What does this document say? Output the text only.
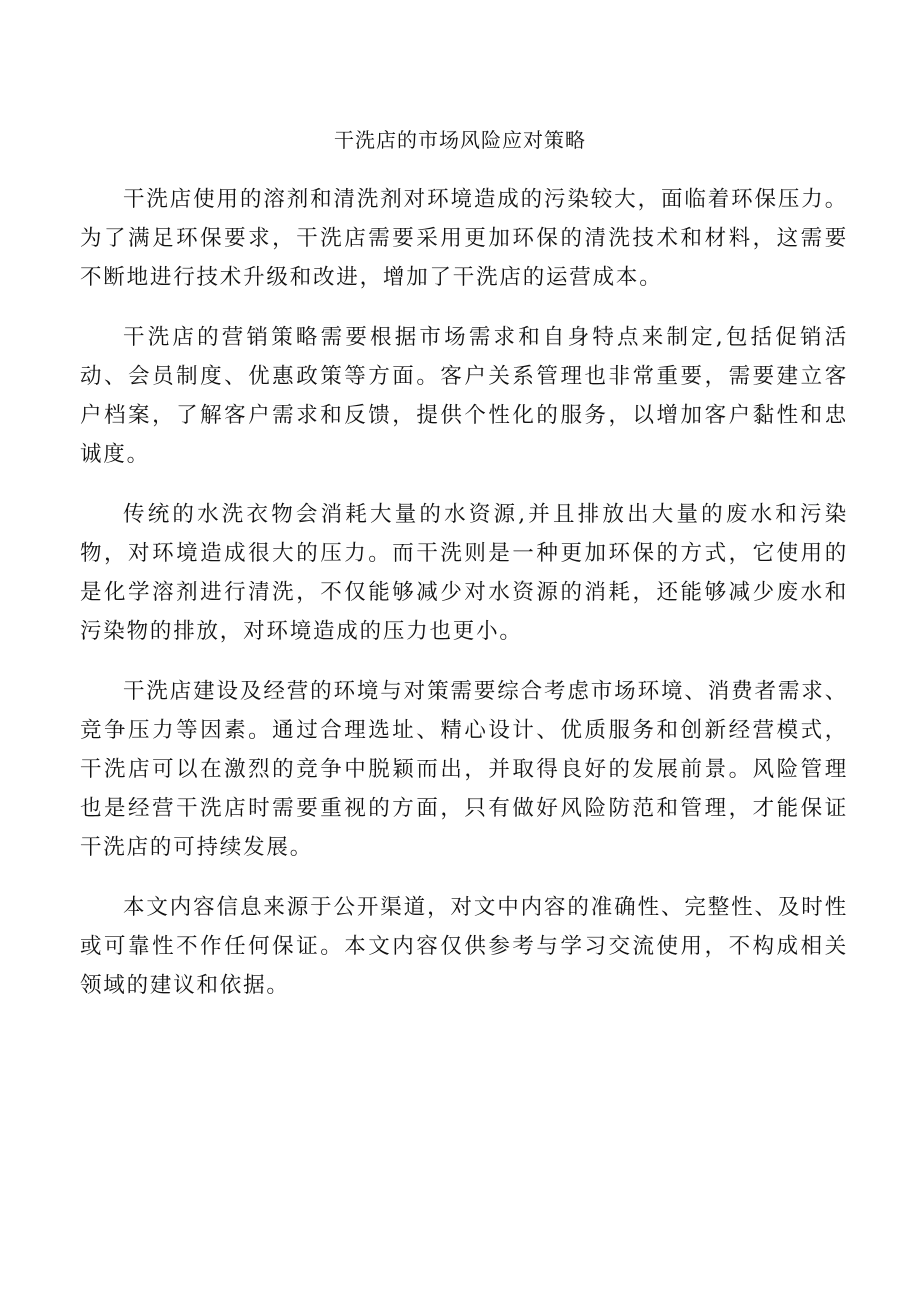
干洗店的市场风险应对策略

干洗店使用的溶剂和清洗剂对环境造成的污染较大，面临着环保压力。为了满足环保要求，干洗店需要采用更加环保的清洗技术和材料，这需要不断地进行技术升级和改进，增加了干洗店的运营成本。

干洗店的营销策略需要根据市场需求和自身特点来制定,包括促销活动、会员制度、优惠政策等方面。客户关系管理也非常重要，需要建立客户档案，了解客户需求和反馈，提供个性化的服务，以增加客户黏性和忠诚度。

传统的水洗衣物会消耗大量的水资源,并且排放出大量的废水和污染物，对环境造成很大的压力。而干洗则是一种更加环保的方式，它使用的是化学溶剂进行清洗，不仅能够减少对水资源的消耗，还能够减少废水和污染物的排放，对环境造成的压力也更小。

干洗店建设及经营的环境与对策需要综合考虑市场环境、消费者需求、竞争压力等因素。通过合理选址、精心设计、优质服务和创新经营模式，干洗店可以在激烈的竞争中脱颖而出，并取得良好的发展前景。风险管理也是经营干洗店时需要重视的方面，只有做好风险防范和管理，才能保证干洗店的可持续发展。

本文内容信息来源于公开渠道，对文中内容的准确性、完整性、及时性或可靠性不作任何保证。本文内容仅供参考与学习交流使用，不构成相关领域的建议和依据。
